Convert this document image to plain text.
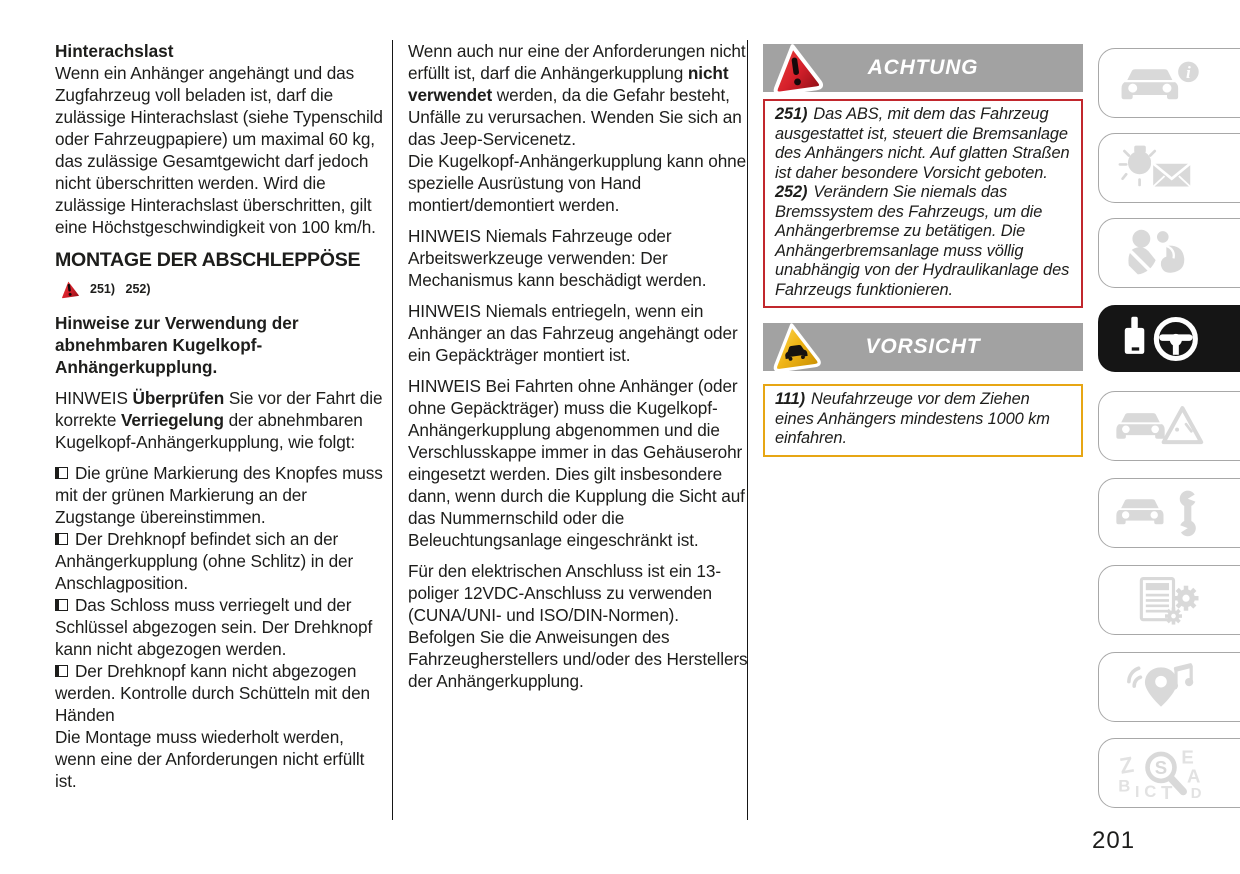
Hinterachslast

Wenn ein Anhänger angehängt und das Zugfahrzeug voll beladen ist, darf die zulässige Hinterachslast (siehe Typenschild oder Fahrzeugpapiere) um maximal 60 kg, das zulässige Gesamtgewicht darf jedoch nicht überschritten werden. Wird die zulässige Hinterachslast überschritten, gilt eine Höchstgeschwindigkeit von 100 km/h.

MONTAGE DER ABSCHLEPPÖSE
251) 252)
Hinweise zur Verwendung der abnehmbaren Kugelkopf-Anhängerkupplung.

HINWEIS Überprüfen Sie vor der Fahrt die korrekte Verriegelung der abnehmbaren Kugelkopf-Anhängerkupplung, wie folgt:

Die grüne Markierung des Knopfes muss mit der grünen Markierung an der Zugstange übereinstimmen.
Der Drehknopf befindet sich an der Anhängerkupplung (ohne Schlitz) in der Anschlagposition.
Das Schloss muss verriegelt und der Schlüssel abgezogen sein. Der Drehknopf kann nicht abgezogen werden.
Der Drehknopf kann nicht abgezogen werden. Kontrolle durch Schütteln mit den Händen

Die Montage muss wiederholt werden, wenn eine der Anforderungen nicht erfüllt ist.

Wenn auch nur eine der Anforderungen nicht erfüllt ist, darf die Anhängerkupplung nicht verwendet werden, da die Gefahr besteht, Unfälle zu verursachen. Wenden Sie sich an das Jeep-Servicenetz.

Die Kugelkopf-Anhängerkupplung kann ohne spezielle Ausrüstung von Hand montiert/demontiert werden.

HINWEIS Niemals Fahrzeuge oder Arbeitswerkzeuge verwenden: Der Mechanismus kann beschädigt werden.

HINWEIS Niemals entriegeln, wenn ein Anhänger an das Fahrzeug angehängt oder ein Gepäckträger montiert ist.

HINWEIS Bei Fahrten ohne Anhänger (oder ohne Gepäckträger) muss die Kugelkopf-Anhängerkupplung abgenommen und die Verschlusskappe immer in das Gehäuserohr eingesetzt werden. Dies gilt insbesondere dann, wenn durch die Kupplung die Sicht auf das Nummernschild oder die Beleuchtungsanlage eingeschränkt ist.

Für den elektrischen Anschluss ist ein 13-poliger 12VDC-Anschluss zu verwenden (CUNA/UNI- und ISO/DIN-Normen). Befolgen Sie die Anweisungen des Fahrzeugherstellers und/oder des Herstellers der Anhängerkupplung.

ACHTUNG

251) Das ABS, mit dem das Fahrzeug ausgestattet ist, steuert die Bremsanlage des Anhängers nicht. Auf glatten Straßen ist daher besondere Vorsicht geboten.

252) Verändern Sie niemals das Bremssystem des Fahrzeugs, um die Anhängerbremse zu betätigen. Die Anhängerbremsanlage muss völlig unabhängig von der Hydraulikanlage des Fahrzeugs funktionieren.

VORSICHT

111) Neufahrzeuge vor dem Ziehen eines Anhängers mindestens 1000 km einfahren.

i
Z E
B	A
C T D
I
S
201
